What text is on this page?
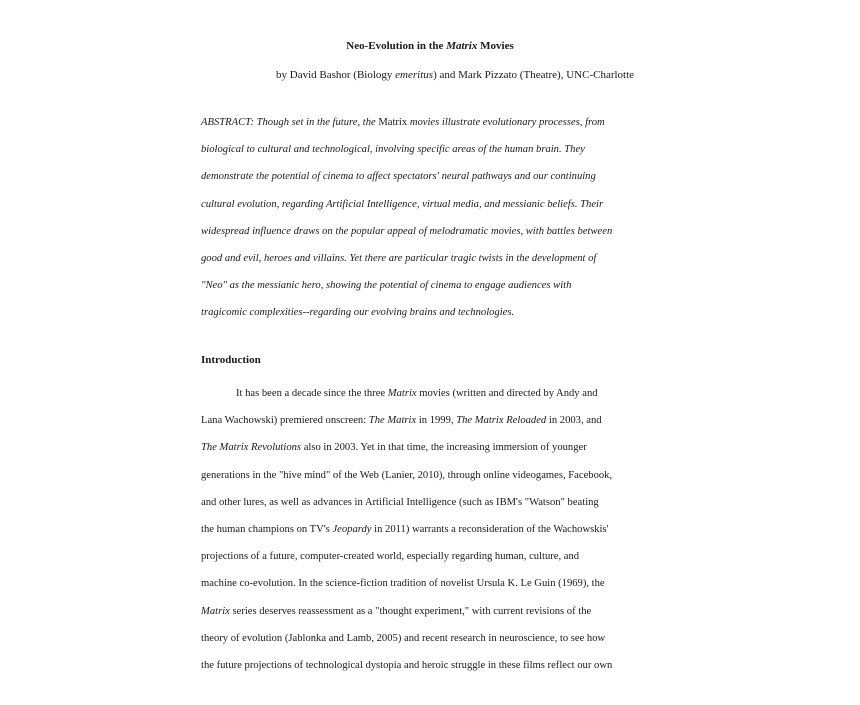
Neo-Evolution in the Matrix Movies
by David Bashor (Biology emeritus) and Mark Pizzato (Theatre), UNC-Charlotte
ABSTRACT: Though set in the future, the Matrix movies illustrate evolutionary processes, from
biological to cultural and technological, involving specific areas of the human brain. They
demonstrate the potential of cinema to affect spectators' neural pathways and our continuing
cultural evolution, regarding Artificial Intelligence, virtual media, and messianic beliefs. Their
widespread influence draws on the popular appeal of melodramatic movies, with battles between
good and evil, heroes and villains. Yet there are particular tragic twists in the development of
"Neo" as the messianic hero, showing the potential of cinema to engage audiences with
tragicomic complexities--regarding our evolving brains and technologies.
Introduction
It has been a decade since the three Matrix movies (written and directed by Andy and
Lana Wachowski) premiered onscreen: The Matrix in 1999, The Matrix Reloaded in 2003, and
The Matrix Revolutions also in 2003. Yet in that time, the increasing immersion of younger
generations in the "hive mind" of the Web (Lanier, 2010), through online videogames, Facebook,
and other lures, as well as advances in Artificial Intelligence (such as IBM's "Watson" beating
the human champions on TV's Jeopardy in 2011) warrants a reconsideration of the Wachowskis'
projections of a future, computer-created world, especially regarding human, culture, and
machine co-evolution. In the science-fiction tradition of novelist Ursula K. Le Guin (1969), the
Matrix series deserves reassessment as a "thought experiment," with current revisions of the
theory of evolution (Jablonka and Lamb, 2005) and recent research in neuroscience, to see how
the future projections of technological dystopia and heroic struggle in these films reflect our own
